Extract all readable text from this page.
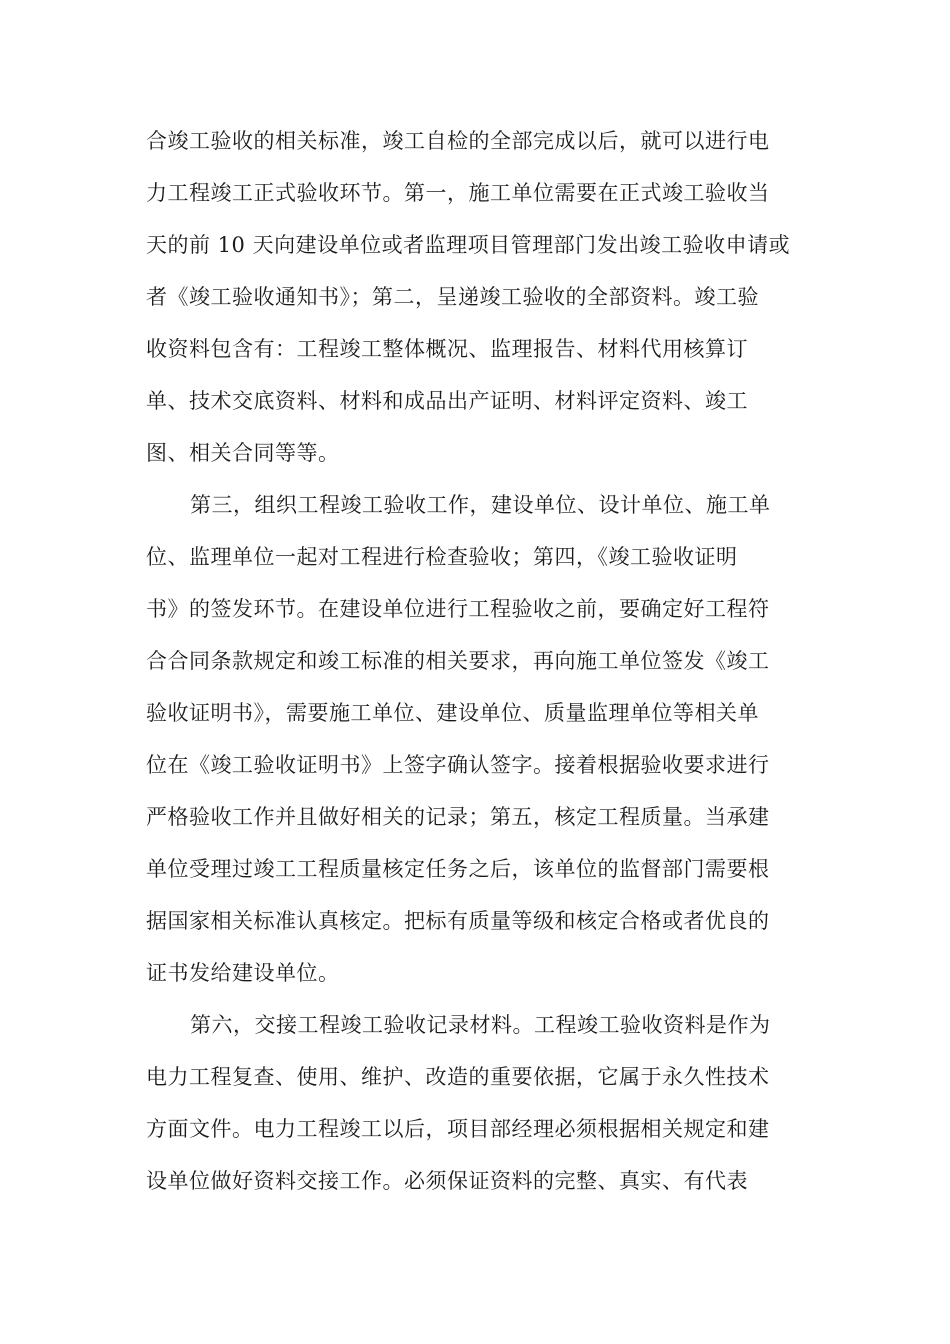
合竣工验收的相关标准，竣工自检的全部完成以后，就可以进行电
力工程竣工正式验收环节。第一，施工单位需要在正式竣工验收当
天的前 10 天向建设单位或者监理项目管理部门发出竣工验收申请或
者《竣工验收通知书》；第二，呈递竣工验收的全部资料。竣工验
收资料包含有：工程竣工整体概况、监理报告、材料代用核算订
单、技术交底资料、材料和成品出产证明、材料评定资料、竣工
图、相关合同等等。
第三，组织工程竣工验收工作，建设单位、设计单位、施工单
位、监理单位一起对工程进行检查验收；第四，《竣工验收证明
书》的签发环节。在建设单位进行工程验收之前，要确定好工程符
合合同条款规定和竣工标准的相关要求，再向施工单位签发《竣工
验收证明书》，需要施工单位、建设单位、质量监理单位等相关单
位在《竣工验收证明书》上签字确认签字。接着根据验收要求进行
严格验收工作并且做好相关的记录；第五，核定工程质量。当承建
单位受理过竣工工程质量核定任务之后，该单位的监督部门需要根
据国家相关标准认真核定。把标有质量等级和核定合格或者优良的
证书发给建设单位。
第六，交接工程竣工验收记录材料。工程竣工验收资料是作为
电力工程复查、使用、维护、改造的重要依据，它属于永久性技术
方面文件。电力工程竣工以后，项目部经理必须根据相关规定和建
设单位做好资料交接工作。必须保证资料的完整、真实、有代表
